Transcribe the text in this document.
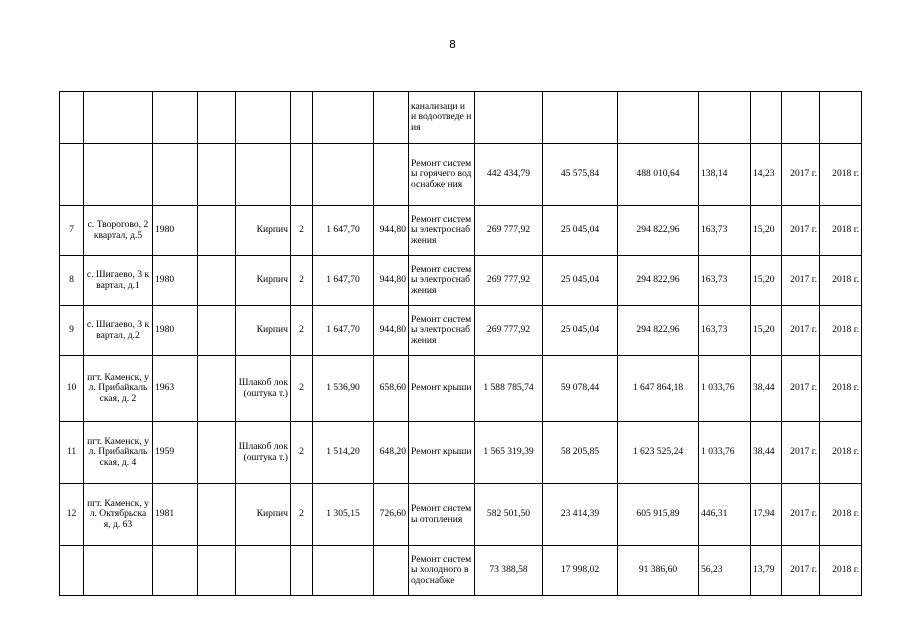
8
								канализаци и и водоотведе ния							
								Ремонт системы горячего водоснабже ния	442 434,79	45 575,84	488 010,64	138,14	14,23	2017 г.	2018 г.
7	с. Творогово, 2 квартал, д.5	1980		Кирпич	2	1 647,70	944,80	Ремонт системы электроснаб жения	269 777,92	25 045,04	294 822,96	163,73	15,20	2017 г.	2018 г.
8	с. Шигаево, 3 квартал, д.1	1980		Кирпич	2	1 647,70	944,80	Ремонт системы электроснаб жения	269 777,92	25 045,04	294 822,96	163,73	15,20	2017 г.	2018 г.
9	с. Шигаево, 3 квартал, д.2	1980		Кирпич	2	1 647,70	944,80	Ремонт системы электроснаб жения	269 777,92	25 045,04	294 822,96	163,73	15,20	2017 г.	2018 г.
10	пгт. Каменск, ул. Прибайкаль ская, д. 2	1963		Шлакоб лок (оштука т.)	2	1 536,90	658,60	Ремонт крыши	1 588 785,74	59 078,44	1 647 864,18	1 033,76	38,44	2017 г.	2018 г.
11	пгт. Каменск, ул. Прибайкаль ская, д. 4	1959		Шлакоб лок (оштука т.)	2	1 514,20	648,20	Ремонт крыши	1 565 319,39	58 205,85	1 623 525,24	1 033,76	38,44	2017 г.	2018 г.
12	пгт. Каменск, ул. Октябрьска я, д. 63	1981		Кирпич	2	1 305,15	726,60	Ремонт системы отопления	582 501,50	23 414,39	605 915,89	446,31	17,94	2017 г.	2018 г.
								Ремонт системы холодного водоснабже	73 388,58	17 998,02	91 386,60	56,23	13,79	2017 г.	2018 г.
